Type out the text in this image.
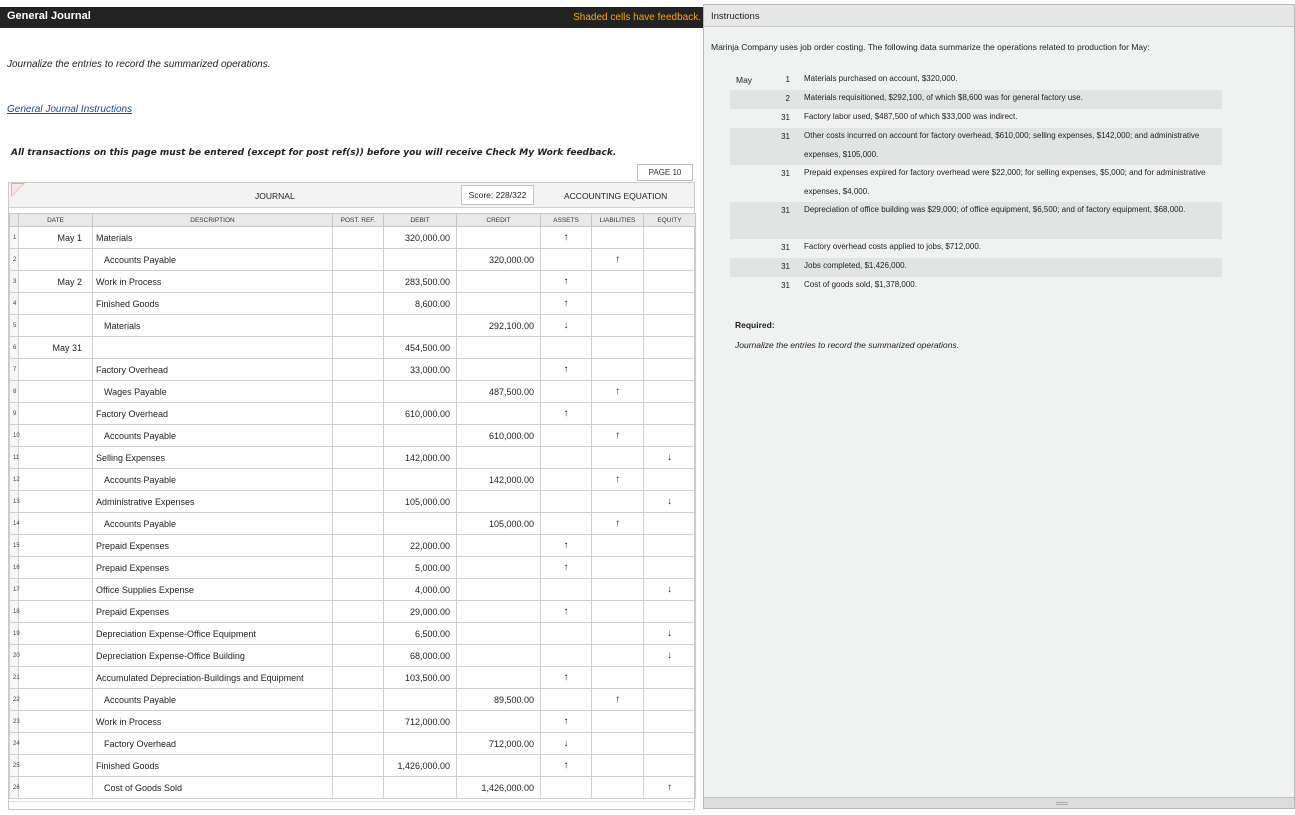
General Journal	Shaded cells have feedback.
Journalize the entries to record the summarized operations.
General Journal Instructions
All transactions on this page must be entered (except for post ref(s)) before you will receive Check My Work feedback.
PAGE 10
JOURNAL	Score: 228/322	ACCOUNTING EQUATION
	DATE	DESCRIPTION	POST. REF.	DEBIT	CREDIT	ASSETS	LIABILITIES	EQUITY
1	May 1	Materials		320,000.00		↑		
2		Accounts Payable			320,000.00		↑	
3	May 2	Work in Process		283,500.00		↑		
4		Finished Goods		8,600.00		↑		
5		Materials			292,100.00	↓		
6	May 31			454,500.00				
7		Factory Overhead		33,000.00		↑		
8		Wages Payable			487,500.00		↑	
9		Factory Overhead		610,000.00		↑		
10		Accounts Payable			610,000.00		↑	
11		Selling Expenses		142,000.00				↓
12		Accounts Payable			142,000.00		↑	
13		Administrative Expenses		105,000.00				↓
14		Accounts Payable			105,000.00		↑	
15		Prepaid Expenses		22,000.00		↑		
16		Prepaid Expenses		5,000.00		↑		
17		Office Supplies Expense		4,000.00				↓
18		Prepaid Expenses		29,000.00		↑		
19		Depreciation Expense-Office Equipment		6,500.00				↓
20		Depreciation Expense-Office Building		68,000.00				↓
21		Accumulated Depreciation-Buildings and Equipment		103,500.00		↑		
22		Accounts Payable			89,500.00		↑	
23		Work in Process		712,000.00		↑		
24		Factory Overhead			712,000.00	↓		
25		Finished Goods		1,426,000.00		↑		
26		Cost of Goods Sold			1,426,000.00			↑
Instructions
Marinja Company uses job order costing. The following data summarize the operations related to production for May:
May	1 Materials purchased on account, $320,000.
2 Materials requisitioned, $292,100, of which $8,600 was for general factory use.
31 Factory labor used, $487,500 of which $33,000 was indirect.
31 Other costs incurred on account for factory overhead, $610,000; selling expenses, $142,000; and administrative expenses, $105,000.
31 Prepaid expenses expired for factory overhead were $22,000; for selling expenses, $5,000; and for administrative expenses, $4,000.
31 Depreciation of office building was $29,000; of office equipment, $6,500; and of factory equipment, $68,000.
31 Factory overhead costs applied to jobs, $712,000.
31 Jobs completed, $1,426,000.
31 Cost of goods sold, $1,378,000.
Required:
Journalize the entries to record the summarized operations.
